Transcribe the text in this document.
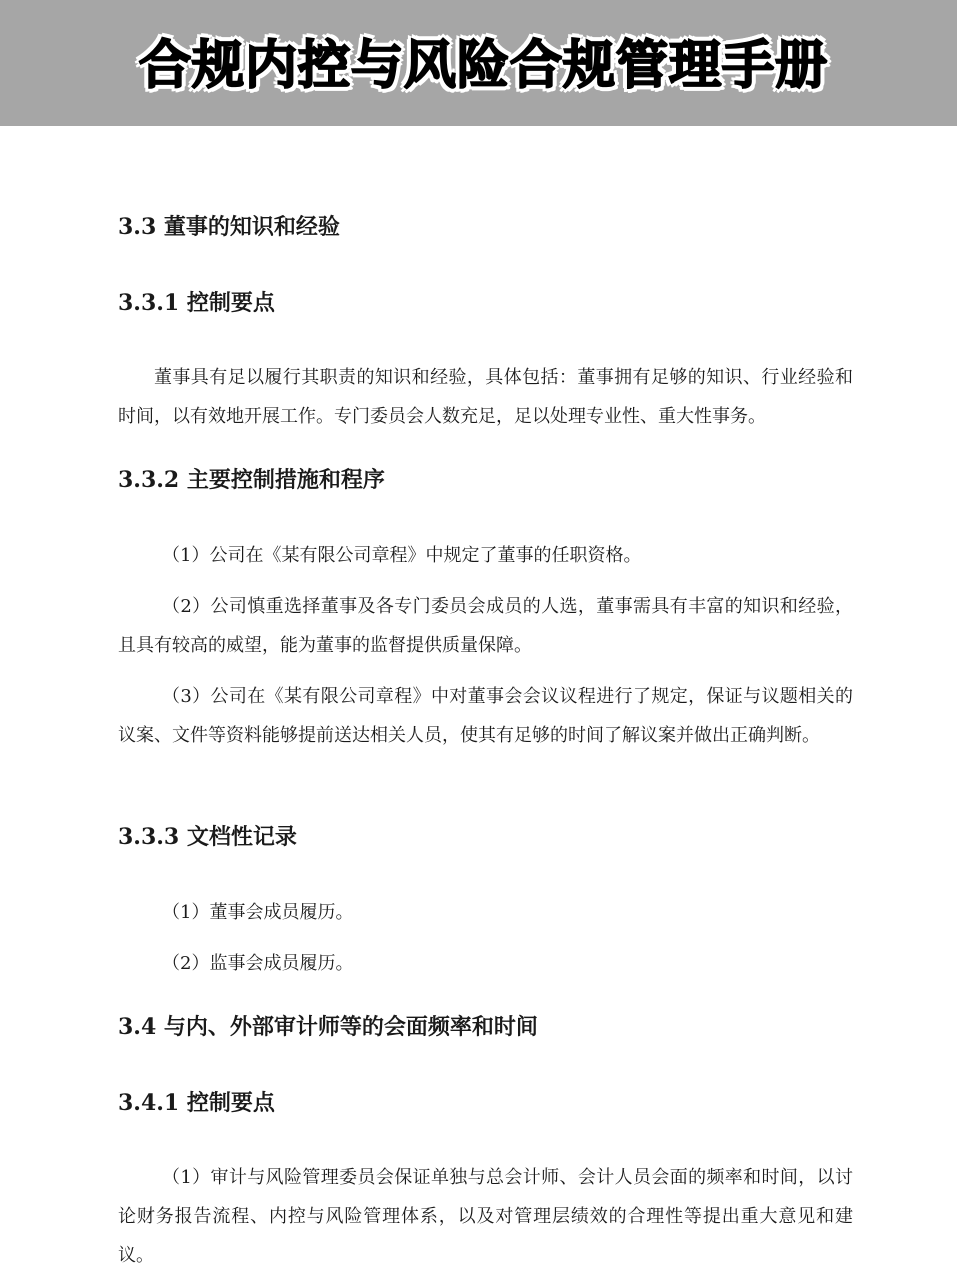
合规内控与风险合规管理手册
3.3 董事的知识和经验
3.3.1 控制要点
董事具有足以履行其职责的知识和经验，具体包括：董事拥有足够的知识、行业经验和时间，以有效地开展工作。专门委员会人数充足，足以处理专业性、重大性事务。
3.3.2 主要控制措施和程序
（1）公司在《某有限公司章程》中规定了董事的任职资格。
（2）公司慎重选择董事及各专门委员会成员的人选，董事需具有丰富的知识和经验，且具有较高的威望，能为董事的监督提供质量保障。
（3）公司在《某有限公司章程》中对董事会会议议程进行了规定，保证与议题相关的议案、文件等资料能够提前送达相关人员，使其有足够的时间了解议案并做出正确判断。
3.3.3 文档性记录
（1）董事会成员履历。
（2）监事会成员履历。
3.4 与内、外部审计师等的会面频率和时间
3.4.1 控制要点
（1）审计与风险管理委员会保证单独与总会计师、会计人员会面的频率和时间，以讨论财务报告流程、内控与风险管理体系，以及对管理层绩效的合理性等提出重大意见和建议。
